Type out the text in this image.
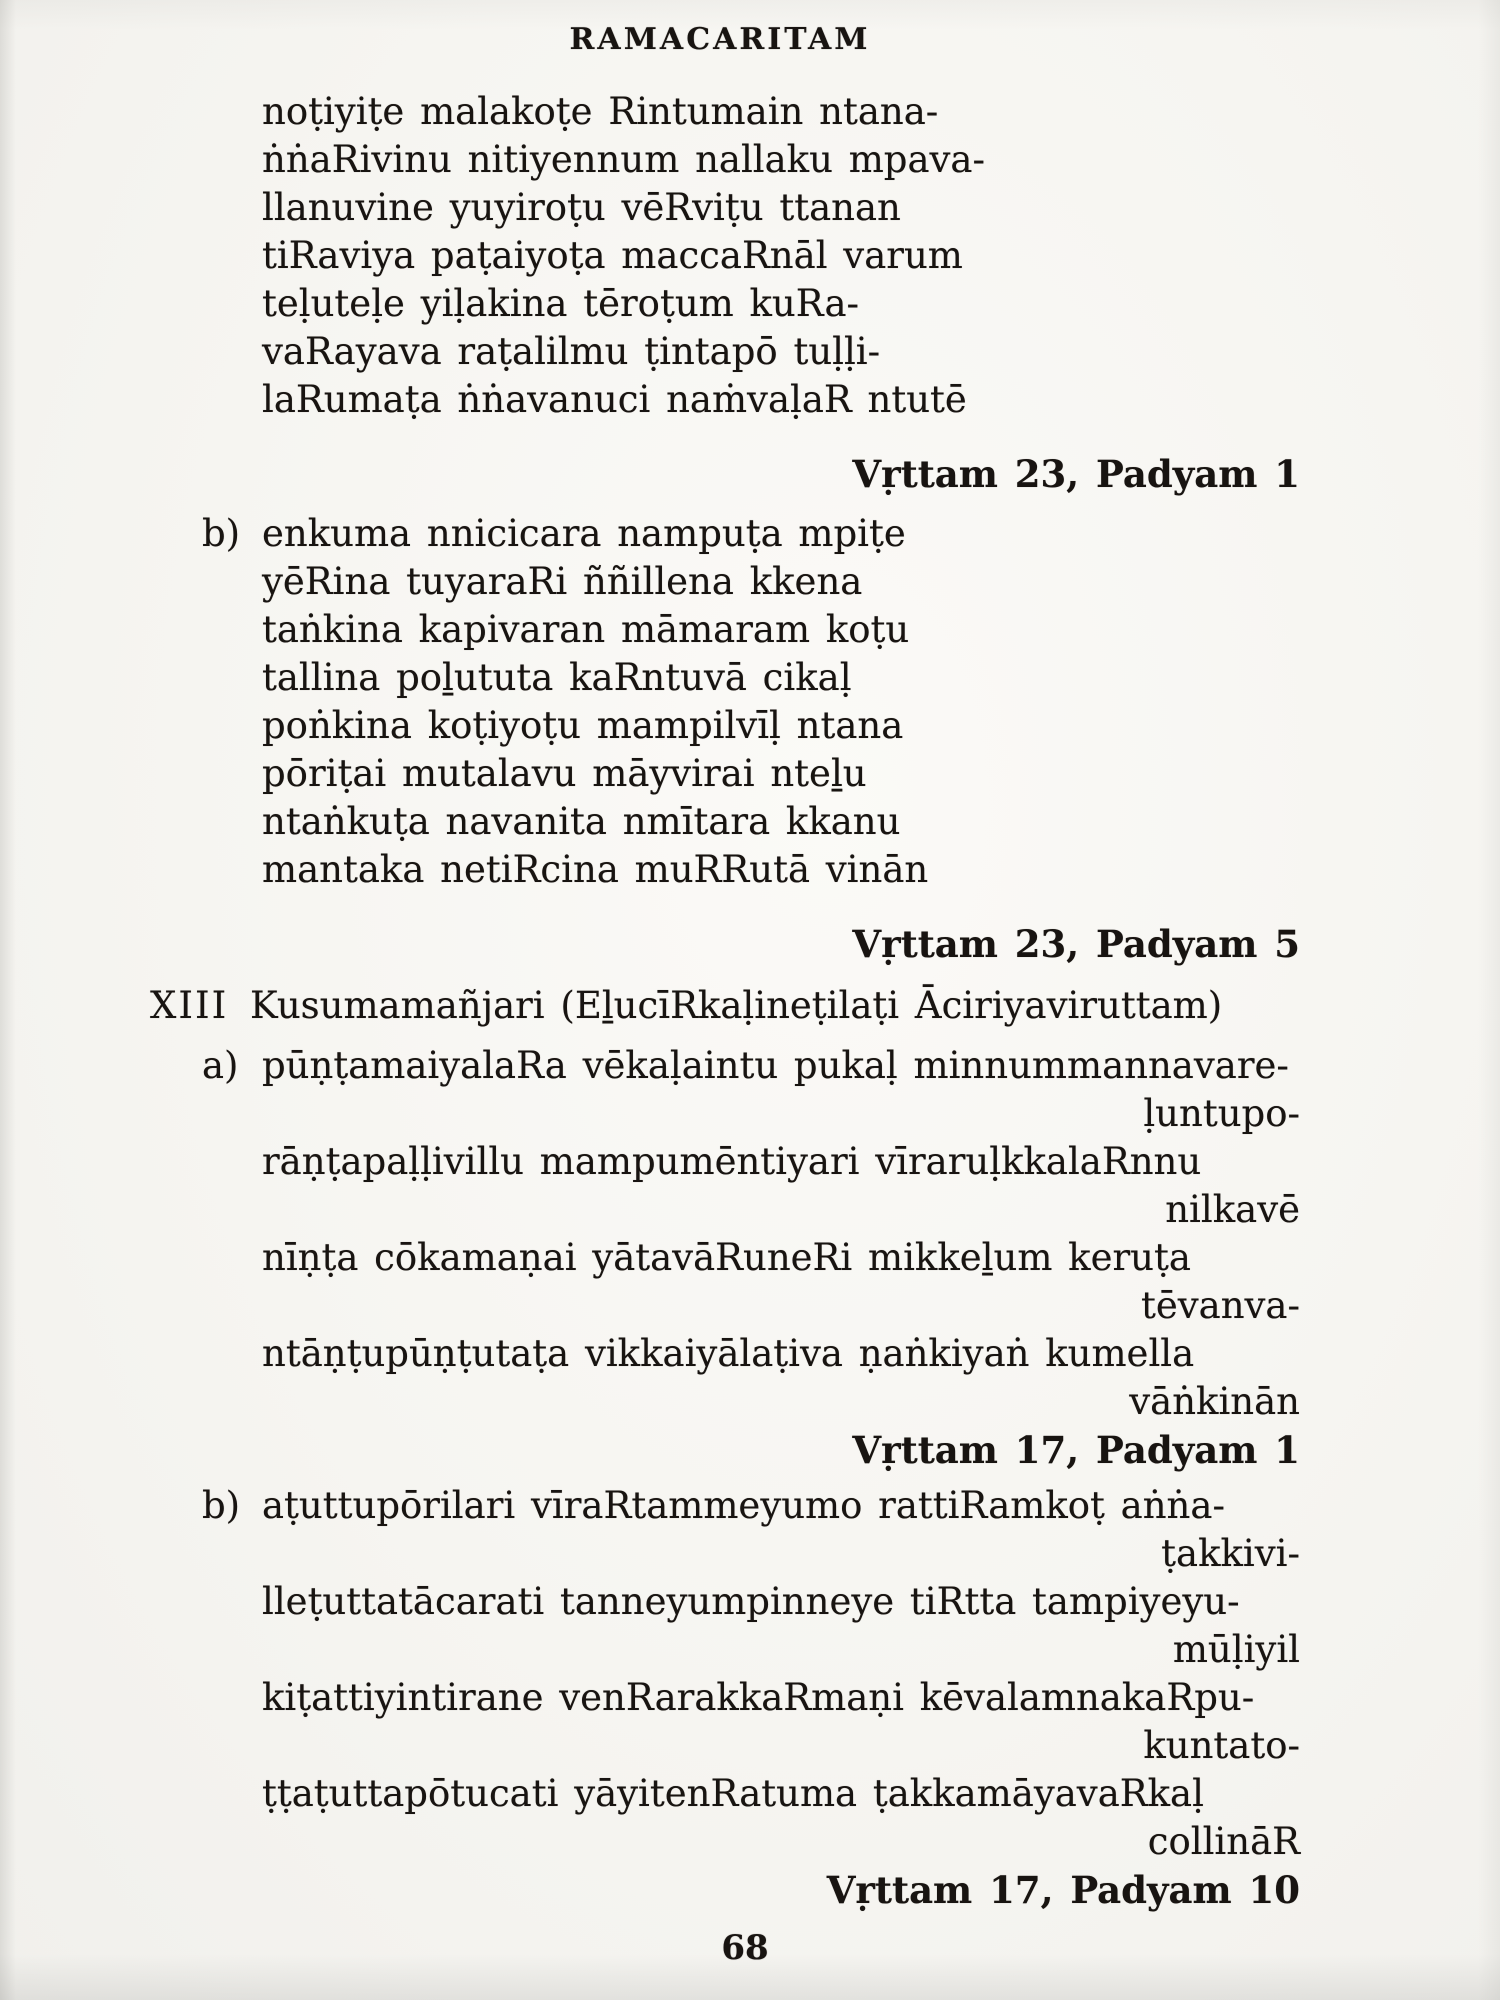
RAMACARITAM
noṭiyiṭe malakoṭe Rintumain ntana-
ṅṅaRivinu nitiyennum nallaku mpava-
llanuvine yuyiroṭu vēRviṭu ttanan
tiRaviya paṭaiyoṭa maccaRnāl varum
teḷuteḷe yiḷakina tēroṭum kuRa-
vaRayava raṭalilmu ṭintapō tuḷḷi-
laRumaṭa ṅṅavanuci naṁvaḷaR ntutē
Vṛttam 23, Padyam 1
b) enkuma nnicicara nampuṭa mpiṭe
yēRina tuyaraRi ññillena kkena
taṅkina kapivaran māmaram koṭu
tallina poḻututa kaRntuvā cikaḷ
poṅkina koṭiyoṭu mampilvīḷ ntana
pōriṭai mutalavu māyvirai nteḻu
ntaṅkuṭa navanita nmītara kkanu
mantaka netiRcina muRRutā vinān
Vṛttam 23, Padyam 5
XIII Kusumamañjari (EḻucīRkaḷineṭilaṭi Āciriyaviruttam)
a) pūṇṭamaiyalaRa vēkaḷaintu pukaḷ minnummannavare-
ḷuntupo-
rāṇṭapaḷḷivillu mampumēntiyari vīraruḷkkalaRnnu
nilkavē
nīṇṭa cōkamaṇai yātavāRuneRi mikkeḻum keruṭa
tēvanva-
ntāṇṭupūṇṭutaṭa vikkaiyālaṭiva ṇaṅkiyaṅ kumella
vāṅkinān
Vṛttam 17, Padyam 1
b) aṭuttupōrilari vīraRtammeyumo rattiRamkoṭ aṅṅa-
ṭakkivi-
lleṭuttatācarati tanneyumpinneye tiRtta tampiyeyu-
mūḷiyil
kiṭattiyintirane venRarakkaRmaṇi kēvalamnakaRpu-
kuntato-
ṭṭaṭuttapōtucati yāyitenRatuma ṭakkamāyavaRkaḷ
collināR
Vṛttam 17, Padyam 10
68
